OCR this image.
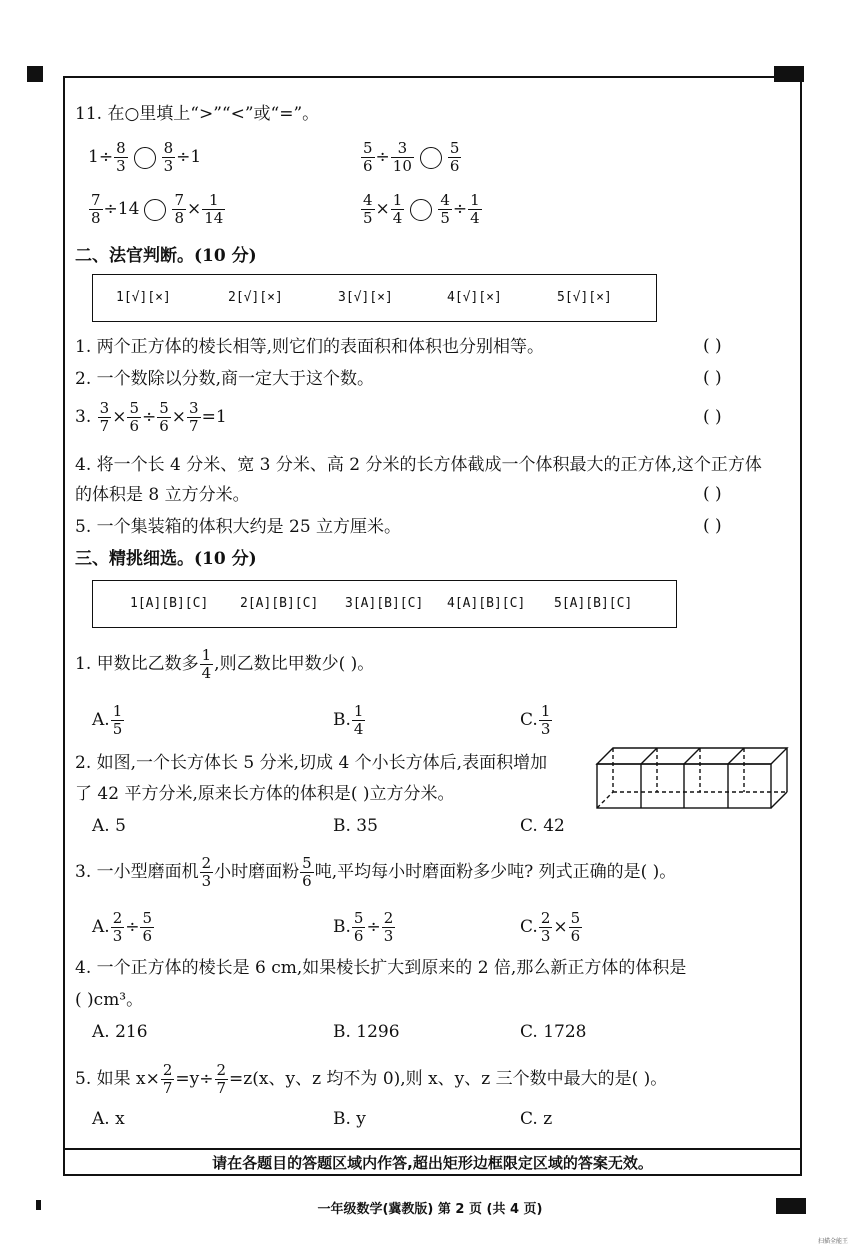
11. 在○里填上“>”“<”或“=”。
$1\div \frac{8}{3} \frac{8}{3} \div 1$	$\frac{5}{6} \div \frac{3}{10} \frac{5}{6}$
$\frac{7}{8} \div 14 \frac{7}{8} \times \frac{1}{14}$	$\frac{4}{5} \times \frac{1}{4} \frac{4}{5} \div \frac{1}{4}$
二、法官判断。(10 分)
1[√][×]	2[√][×]	3[√][×]	4[√][×]	5[√][×]
1. 两个正方体的棱长相等,则它们的表面积和体积也分别相等。	( )
2. 一个数除以分数,商一定大于这个数。	( )
3. $\frac{3}{7} \times \frac{5}{6} \div \frac{5}{6} \times \frac{3}{7} =1$	( )
4. 将一个长 4 分米、宽 3 分米、高 2 分米的长方体截成一个体积最大的正方体,这个正方体
的体积是 8 立方分米。	( )
5. 一个集装箱的体积大约是 25 立方厘米。	( )
三、精挑细选。(10 分)
1[A][B][C] 2[A][B][C] 3[A][B][C] 4[A][B][C] 5[A][B][C]
1. 甲数比乙数多 $\frac{1}{4}$ ,则乙数比甲数少( )。
A. $\frac{1}{5}$	B. $\frac{1}{4}$	C. $\frac{1}{3}$
2. 如图,一个长方体长 5 分米,切成 4 个小长方体后,表面积增加
了 42 平方分米,原来长方体的体积是( )立方分米。
A. 5	B. 35	C. 42
3. 一小型磨面机 $\frac{2}{3}$ 小时磨面粉 $\frac{5}{6}$ 吨,平均每小时磨面粉多少吨? 列式正确的是( )。
A. $\frac{2}{3} \div \frac{5}{6}$	B. $\frac{5}{6} \div \frac{2}{3}$	C. $\frac{2}{3} \times \frac{5}{6}$
4. 一个正方体的棱长是 6 cm,如果棱长扩大到原来的 2 倍,那么新正方体的体积是
( )cm³。
A. 216	B. 1296	C. 1728
5. 如果 $x\times \frac{2}{7} =y\div \frac{2}{7} =z(x$、y、z 均不为 0),则 x、y、z 三个数中最大的是( )。
A. x	B. y	C. z
请在各题目的答题区域内作答,超出矩形边框限定区域的答案无效。
一年级数学(冀教版) 第 2 页 (共 4 页)
扫描全能王
